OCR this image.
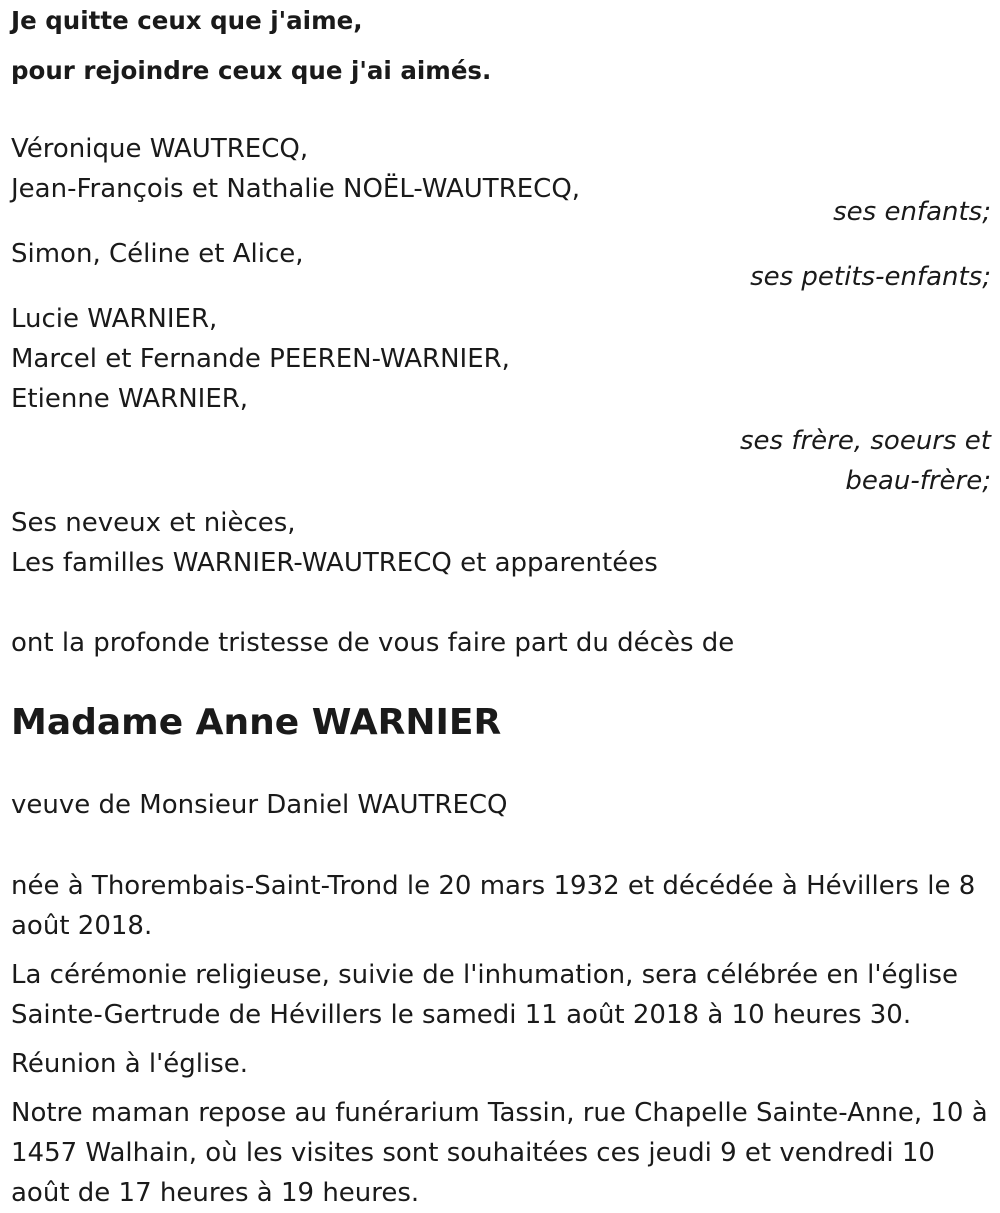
Je quitte ceux que j'aime,

pour rejoindre ceux que j'ai aimés.

Véronique WAUTRECQ,

Jean-François et Nathalie NOËL-WAUTRECQ,

ses enfants;

Simon, Céline et Alice,

ses petits-enfants;

Lucie WARNIER,

Marcel et Fernande PEEREN-WARNIER,

Etienne WARNIER,

ses frère, soeurs et

beau-frère;

Ses neveux et nièces,

Les familles WARNIER-WAUTRECQ et apparentées

ont la profonde tristesse de vous faire part du décès de

Madame Anne WARNIER

veuve de Monsieur Daniel WAUTRECQ

née à Thorembais-Saint-Trond le 20 mars 1932 et décédée à Hévillers le 8 août 2018.

La cérémonie religieuse, suivie de l'inhumation, sera célébrée en l'église Sainte-Gertrude de Hévillers le samedi 11 août 2018 à 10 heures 30.

Réunion à l'église.

Notre maman repose au funérarium Tassin, rue Chapelle Sainte-Anne, 10 à 1457 Walhain, où les visites sont souhaitées ces jeudi 9 et vendredi 10 août de 17 heures à 19 heures.
